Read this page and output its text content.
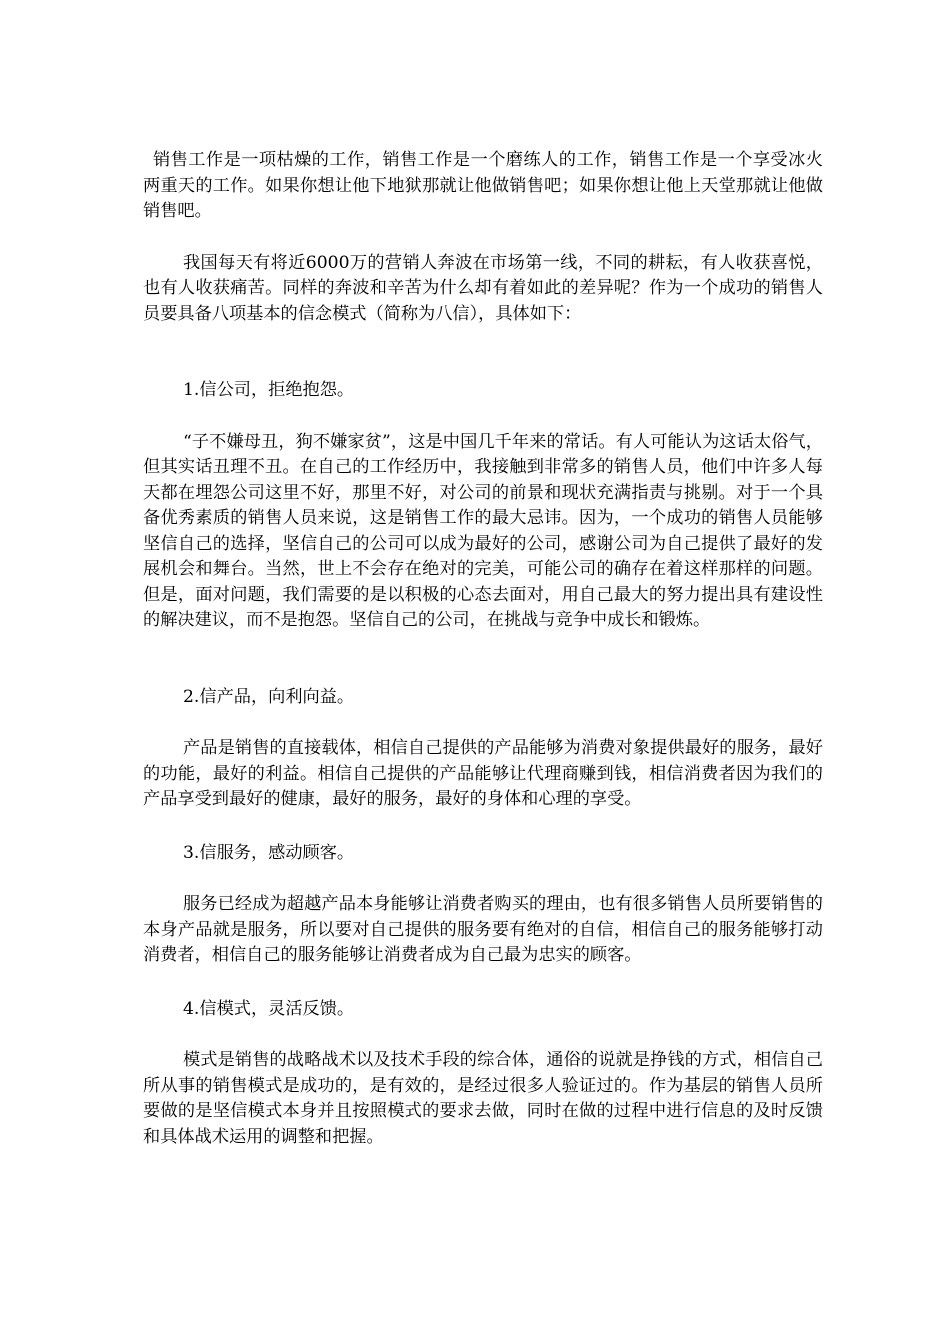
销售工作是一项枯燥的工作，销售工作是一个磨练人的工作，销售工作是一个享受冰火两重天的工作。如果你想让他下地狱那就让他做销售吧；如果你想让他上天堂那就让他做销售吧。

我国每天有将近6000万的营销人奔波在市场第一线，不同的耕耘，有人收获喜悦，也有人收获痛苦。同样的奔波和辛苦为什么却有着如此的差异呢？作为一个成功的销售人员要具备八项基本的信念模式（简称为八信），具体如下：

1.信公司，拒绝抱怨。

“子不嫌母丑，狗不嫌家贫”，这是中国几千年来的常话。有人可能认为这话太俗气，但其实话丑理不丑。在自己的工作经历中，我接触到非常多的销售人员，他们中许多人每天都在埋怨公司这里不好，那里不好，对公司的前景和现状充满指责与挑剔。对于一个具备优秀素质的销售人员来说，这是销售工作的最大忌讳。因为，一个成功的销售人员能够坚信自己的选择，坚信自己的公司可以成为最好的公司，感谢公司为自己提供了最好的发展机会和舞台。当然，世上不会存在绝对的完美，可能公司的确存在着这样那样的问题。但是，面对问题，我们需要的是以积极的心态去面对，用自己最大的努力提出具有建设性的解决建议，而不是抱怨。坚信自己的公司，在挑战与竞争中成长和锻炼。

2.信产品，向利向益。

产品是销售的直接载体，相信自己提供的产品能够为消费对象提供最好的服务，最好的功能，最好的利益。相信自己提供的产品能够让代理商赚到钱，相信消费者因为我们的产品享受到最好的健康，最好的服务，最好的身体和心理的享受。

3.信服务，感动顾客。

服务已经成为超越产品本身能够让消费者购买的理由，也有很多销售人员所要销售的本身产品就是服务，所以要对自己提供的服务要有绝对的自信，相信自己的服务能够打动消费者，相信自己的服务能够让消费者成为自己最为忠实的顾客。

4.信模式，灵活反馈。

模式是销售的战略战术以及技术手段的综合体，通俗的说就是挣钱的方式，相信自己所从事的销售模式是成功的，是有效的，是经过很多人验证过的。作为基层的销售人员所要做的是坚信模式本身并且按照模式的要求去做，同时在做的过程中进行信息的及时反馈和具体战术运用的调整和把握。
